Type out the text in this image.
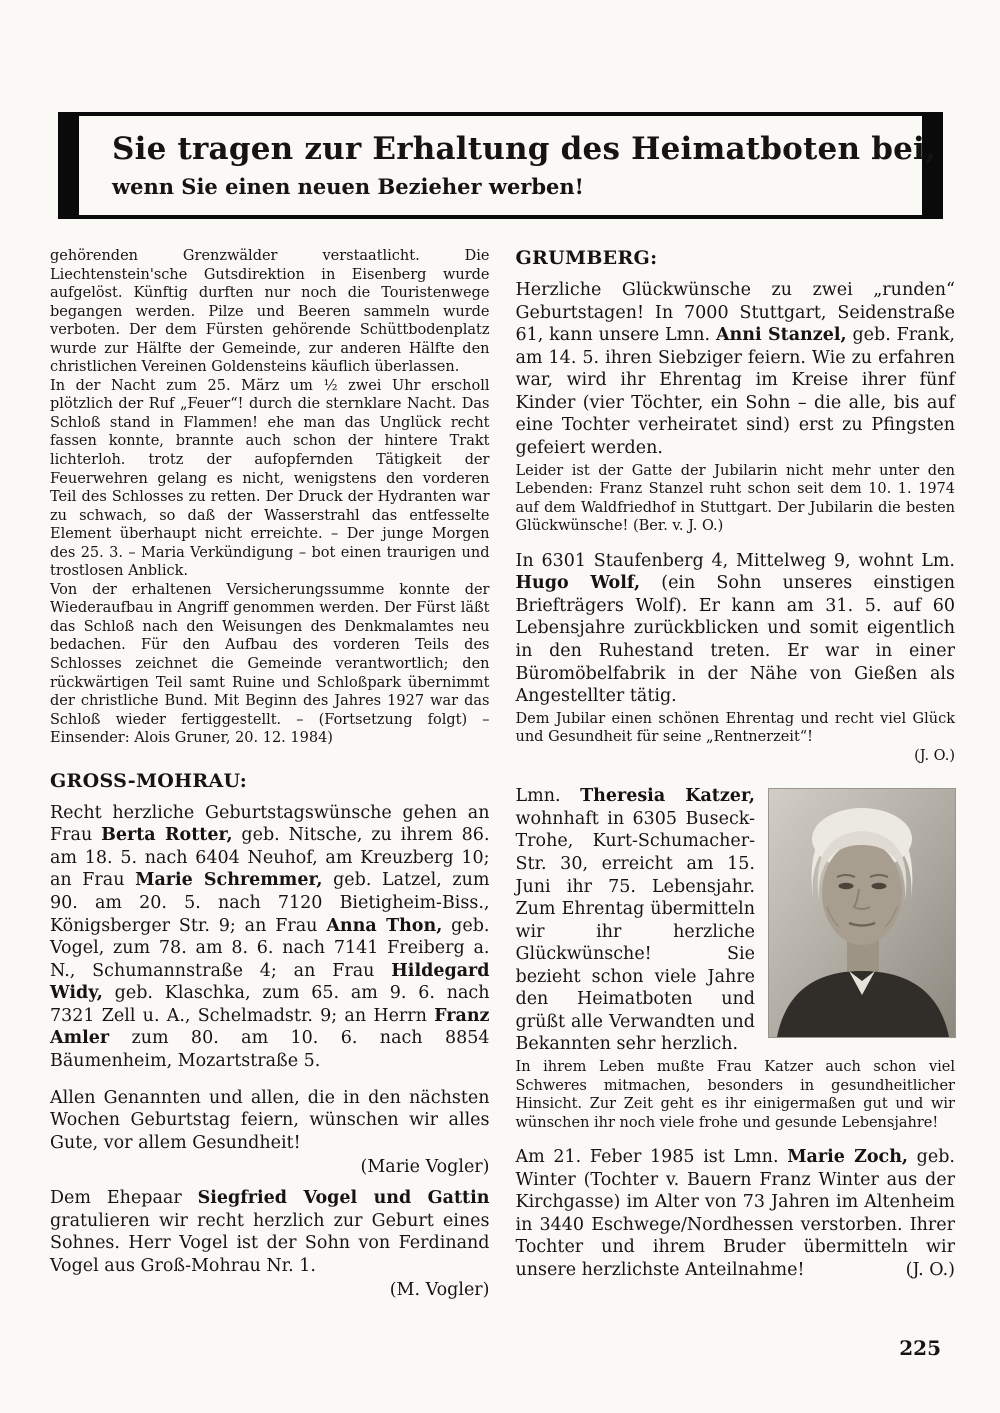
Sie tragen zur Erhaltung des Heimatboten bei,
wenn Sie einen neuen Bezieher werben!

gehörenden Grenzwälder verstaatlicht. Die Liechtenstein'sche Gutsdirektion in Eisenberg wurde aufgelöst. Künftig durften nur noch die Touristenwege begangen werden. Pilze und Beeren sammeln wurde verboten. Der dem Fürsten gehörende Schüttbodenplatz wurde zur Hälfte der Gemeinde, zur anderen Hälfte den christlichen Vereinen Goldensteins käuflich überlassen.

In der Nacht zum 25. März um ½ zwei Uhr erscholl plötzlich der Ruf „Feuer“! durch die sternklare Nacht. Das Schloß stand in Flammen! ehe man das Unglück recht fassen konnte, brannte auch schon der hintere Trakt lichterloh. trotz der aufopfernden Tätigkeit der Feuerwehren gelang es nicht, wenigstens den vorderen Teil des Schlosses zu retten. Der Druck der Hydranten war zu schwach, so daß der Wasserstrahl das entfesselte Element überhaupt nicht erreichte. – Der junge Morgen des 25. 3. – Maria Verkündigung – bot einen traurigen und trostlosen Anblick.

Von der erhaltenen Versicherungssumme konnte der Wiederaufbau in Angriff genommen werden. Der Fürst läßt das Schloß nach den Weisungen des Denkmalamtes neu bedachen. Für den Aufbau des vorderen Teils des Schlosses zeichnet die Gemeinde verantwortlich; den rückwärtigen Teil samt Ruine und Schloßpark übernimmt der christliche Bund. Mit Beginn des Jahres 1927 war das Schloß wieder fertiggestellt. – (Fortsetzung folgt) – Einsender: Alois Gruner, 20. 12. 1984)

GROSS-MOHRAU:

Recht herzliche Geburtstagswünsche gehen an Frau Berta Rotter, geb. Nitsche, zu ihrem 86. am 18. 5. nach 6404 Neuhof, am Kreuzberg 10; an Frau Marie Schremmer, geb. Latzel, zum 90. am 20. 5. nach 7120 Bietigheim-Biss., Königsberger Str. 9; an Frau Anna Thon, geb. Vogel, zum 78. am 8. 6. nach 7141 Freiberg a. N., Schumannstraße 4; an Frau Hildegard Widy, geb. Klaschka, zum 65. am 9. 6. nach 7321 Zell u. A., Schelmadstr. 9; an Herrn Franz Amler zum 80. am 10. 6. nach 8854 Bäumenheim, Mozartstraße 5.

Allen Genannten und allen, die in den nächsten Wochen Geburtstag feiern, wünschen wir alles Gute, vor allem Gesundheit!

(Marie Vogler)

Dem Ehepaar Siegfried Vogel und Gattin gratulieren wir recht herzlich zur Geburt eines Sohnes. Herr Vogel ist der Sohn von Ferdinand Vogel aus Groß-Mohrau Nr. 1.

(M. Vogler)

GRUMBERG:

Herzliche Glückwünsche zu zwei „runden“ Geburtstagen! In 7000 Stuttgart, Seidenstraße 61, kann unsere Lmn. Anni Stanzel, geb. Frank, am 14. 5. ihren Siebziger feiern. Wie zu erfahren war, wird ihr Ehrentag im Kreise ihrer fünf Kinder (vier Töchter, ein Sohn – die alle, bis auf eine Tochter verheiratet sind) erst zu Pfingsten gefeiert werden.

Leider ist der Gatte der Jubilarin nicht mehr unter den Lebenden: Franz Stanzel ruht schon seit dem 10. 1. 1974 auf dem Waldfriedhof in Stuttgart. Der Jubilarin die besten Glückwünsche! (Ber. v. J. O.)

In 6301 Staufenberg 4, Mittelweg 9, wohnt Lm. Hugo Wolf, (ein Sohn unseres einstigen Briefträgers Wolf). Er kann am 31. 5. auf 60 Lebensjahre zurückblicken und somit eigentlich in den Ruhestand treten. Er war in einer Büromöbelfabrik in der Nähe von Gießen als Angestellter tätig.

Dem Jubilar einen schönen Ehrentag und recht viel Glück und Gesundheit für seine „Rentnerzeit“!

(J. O.)

Lmn. Theresia Katzer, wohnhaft in 6305 Buseck-Trohe, Kurt-Schumacher-Str. 30, erreicht am 15. Juni ihr 75. Lebensjahr. Zum Ehrentag übermitteln wir ihr herzliche Glückwünsche! Sie bezieht schon viele Jahre den Heimatboten und grüßt alle Verwandten und Bekannten sehr herzlich.

In ihrem Leben mußte Frau Katzer auch schon viel Schweres mitmachen, besonders in gesundheitlicher Hinsicht. Zur Zeit geht es ihr einigermaßen gut und wir wünschen ihr noch viele frohe und gesunde Lebensjahre!

Am 21. Feber 1985 ist Lmn. Marie Zoch, geb. Winter (Tochter v. Bauern Franz Winter aus der Kirchgasse) im Alter von 73 Jahren im Altenheim in 3440 Eschwege/Nordhessen verstorben. Ihrer Tochter und ihrem Bruder übermitteln wir unsere herzlichste Anteilnahme!	(J. O.)

225
